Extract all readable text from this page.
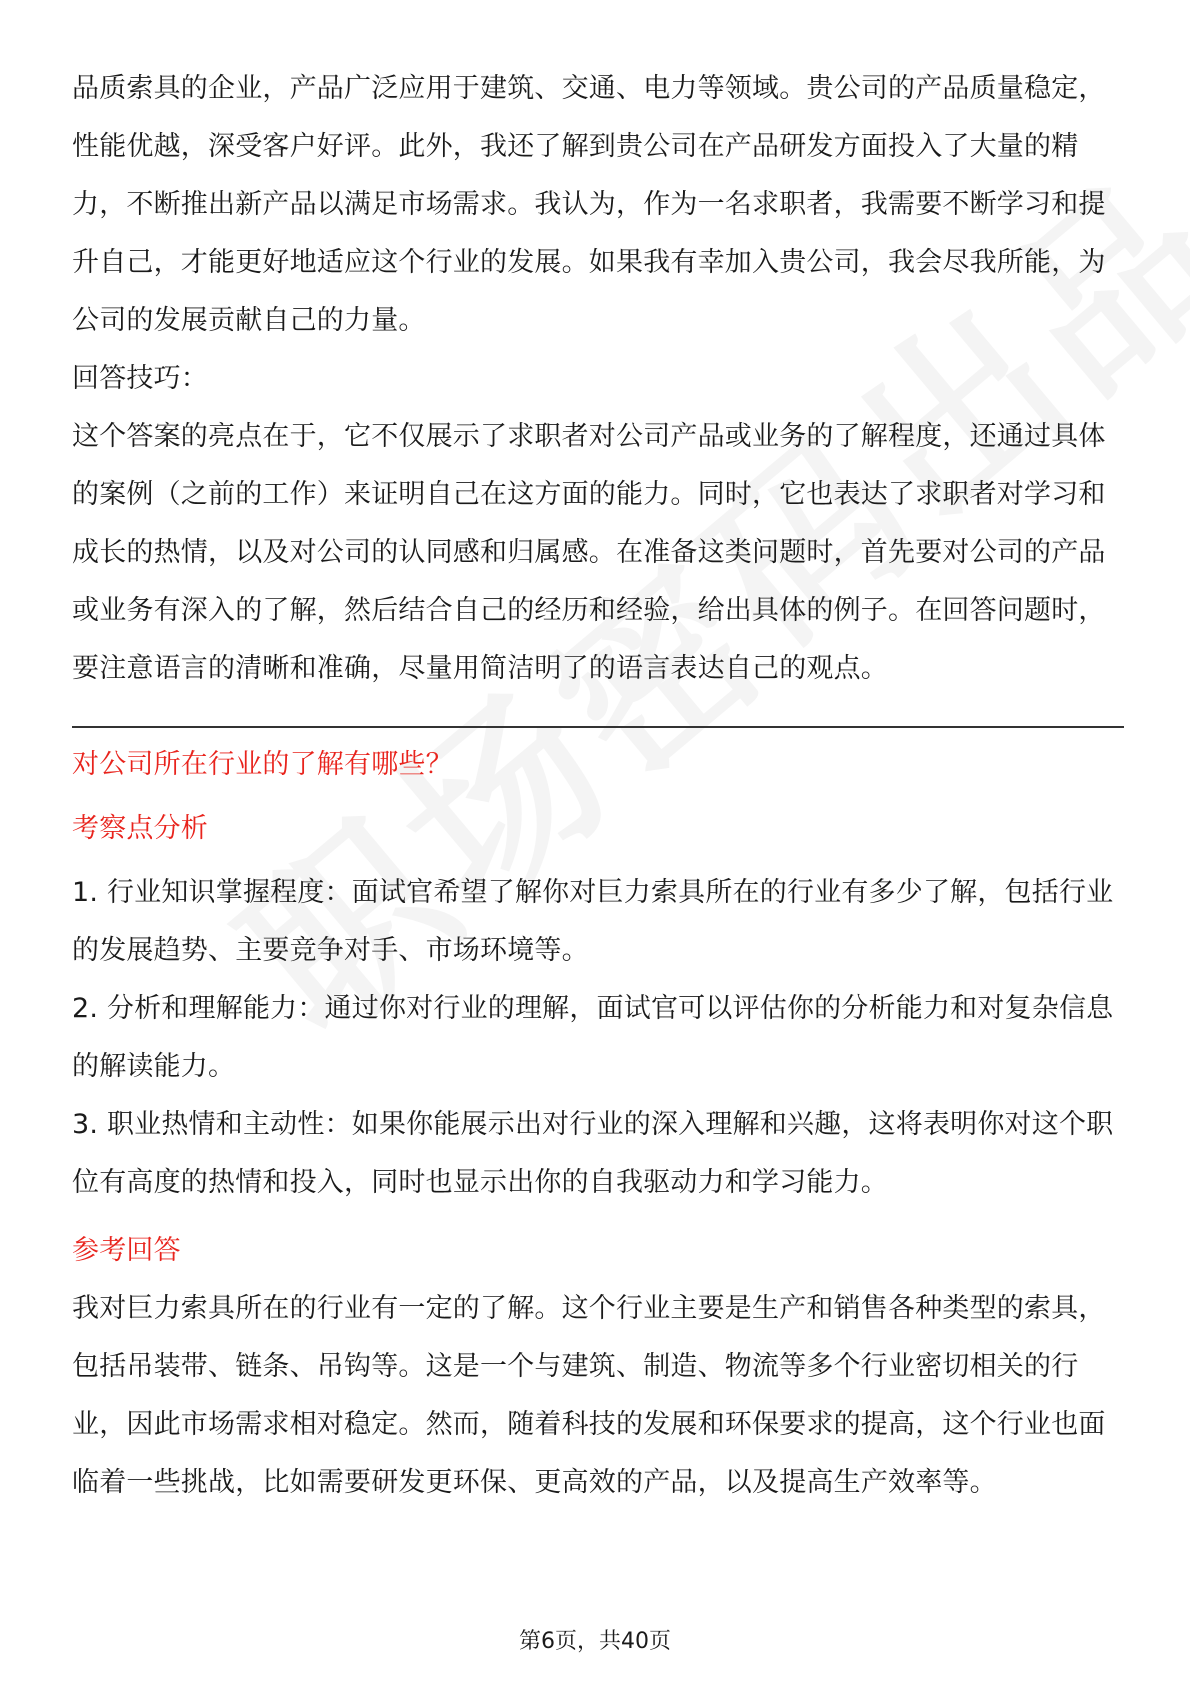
品质索具的企业，产品广泛应用于建筑、交通、电力等领域。贵公司的产品质量稳定，性能优越，深受客户好评。此外，我还了解到贵公司在产品研发方面投入了大量的精力，不断推出新产品以满足市场需求。我认为，作为一名求职者，我需要不断学习和提升自己，才能更好地适应这个行业的发展。如果我有幸加入贵公司，我会尽我所能，为公司的发展贡献自己的力量。

回答技巧：

这个答案的亮点在于，它不仅展示了求职者对公司产品或业务的了解程度，还通过具体的案例（之前的工作）来证明自己在这方面的能力。同时，它也表达了求职者对学习和成长的热情，以及对公司的认同感和归属感。在准备这类问题时，首先要对公司的产品或业务有深入的了解，然后结合自己的经历和经验，给出具体的例子。在回答问题时，要注意语言的清晰和准确，尽量用简洁明了的语言表达自己的观点。

对公司所在行业的了解有哪些？

考察点分析

1. 行业知识掌握程度：面试官希望了解你对巨力索具所在的行业有多少了解，包括行业的发展趋势、主要竞争对手、市场环境等。

2. 分析和理解能力：通过你对行业的理解，面试官可以评估你的分析能力和对复杂信息的解读能力。

3. 职业热情和主动性：如果你能展示出对行业的深入理解和兴趣，这将表明你对这个职位有高度的热情和投入，同时也显示出你的自我驱动力和学习能力。

参考回答

我对巨力索具所在的行业有一定的了解。这个行业主要是生产和销售各种类型的索具，包括吊装带、链条、吊钩等。这是一个与建筑、制造、物流等多个行业密切相关的行业，因此市场需求相对稳定。然而，随着科技的发展和环保要求的提高，这个行业也面临着一些挑战，比如需要研发更环保、更高效的产品，以及提高生产效率等。

第6页，共40页
